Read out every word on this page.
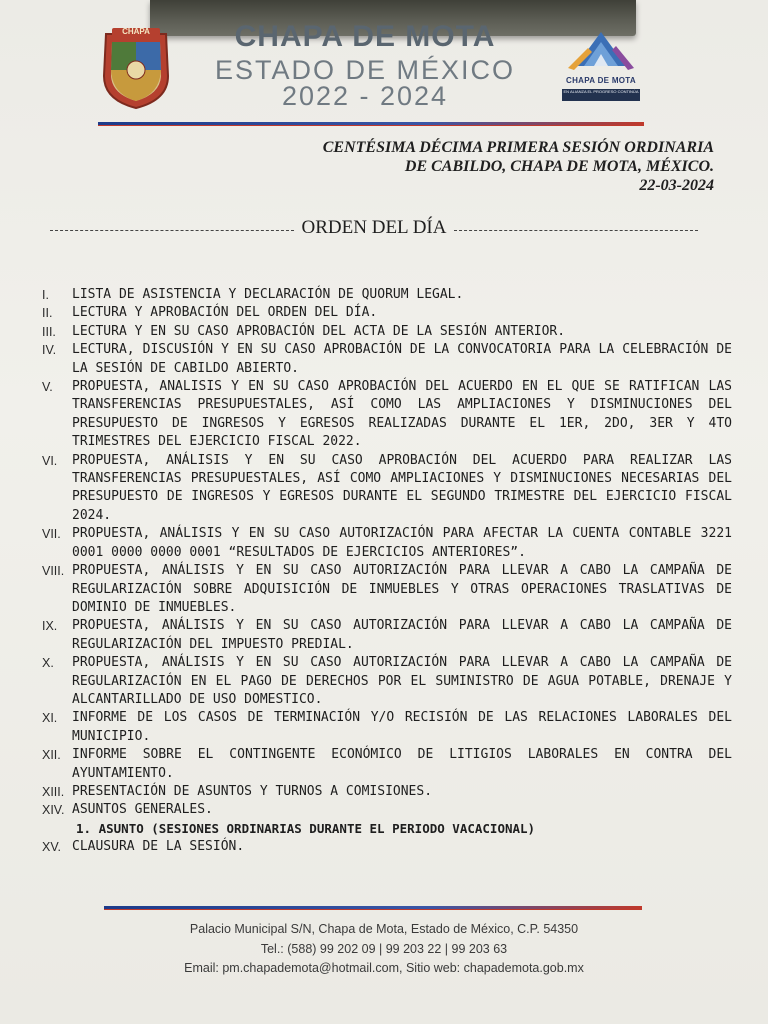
CHAPA	CHAPA DE MOTA
ESTADO DE MÉXICO
2022 - 2024
CHAPA DE MOTA
EN ALIANZA EL PROGRESO CONTINÚA
CENTÉSIMA DÉCIMA PRIMERA SESIÓN ORDINARIA
DE CABILDO, CHAPA DE MOTA, MÉXICO.
22-03-2024
ORDEN DEL DÍA
I.	LISTA DE ASISTENCIA Y DECLARACIÓN DE QUORUM LEGAL.
II.	LECTURA Y APROBACIÓN DEL ORDEN DEL DÍA.
III.	LECTURA Y EN SU CASO APROBACIÓN DEL ACTA DE LA SESIÓN ANTERIOR.
IV.	LECTURA, DISCUSIÓN Y EN SU CASO APROBACIÓN DE LA CONVOCATORIA PARA LA CELEBRACIÓN DE LA SESIÓN DE CABILDO ABIERTO.
V.	PROPUESTA, ANALISIS Y EN SU CASO APROBACIÓN DEL ACUERDO EN EL QUE SE RATIFICAN LAS TRANSFERENCIAS PRESUPUESTALES, ASÍ COMO LAS AMPLIACIONES Y DISMINUCIONES DEL PRESUPUESTO DE INGRESOS Y EGRESOS REALIZADAS DURANTE EL 1ER, 2DO, 3ER Y 4TO TRIMESTRES DEL EJERCICIO FISCAL 2022.
VI.	PROPUESTA, ANÁLISIS Y EN SU CASO APROBACIÓN DEL ACUERDO PARA REALIZAR LAS TRANSFERENCIAS PRESUPUESTALES, ASÍ COMO AMPLIACIONES Y DISMINUCIONES NECESARIAS DEL PRESUPUESTO DE INGRESOS Y EGRESOS DURANTE EL SEGUNDO TRIMESTRE DEL EJERCICIO FISCAL 2024.
VII. PROPUESTA, ANÁLISIS Y EN SU CASO AUTORIZACIÓN PARA AFECTAR LA CUENTA CONTABLE 3221 0001 0000 0000 0001 “RESULTADOS DE EJERCICIOS ANTERIORES”.
VIII. PROPUESTA, ANÁLISIS Y EN SU CASO AUTORIZACIÓN PARA LLEVAR A CABO LA CAMPAÑA DE REGULARIZACIÓN SOBRE ADQUISICIÓN DE INMUEBLES Y OTRAS OPERACIONES TRASLATIVAS DE DOMINIO DE INMUEBLES.
IX.	PROPUESTA, ANÁLISIS Y EN SU CASO AUTORIZACIÓN PARA LLEVAR A CABO LA CAMPAÑA DE REGULARIZACIÓN DEL IMPUESTO PREDIAL.
X.	PROPUESTA, ANÁLISIS Y EN SU CASO AUTORIZACIÓN PARA LLEVAR A CABO LA CAMPAÑA DE REGULARIZACIÓN EN EL PAGO DE DERECHOS POR EL SUMINISTRO DE AGUA POTABLE, DRENAJE Y ALCANTARILLADO DE USO DOMESTICO.
XI.	INFORME DE LOS CASOS DE TERMINACIÓN Y/O RECISIÓN DE LAS RELACIONES LABORALES DEL MUNICIPIO.
XII. INFORME SOBRE EL CONTINGENTE ECONÓMICO DE LITIGIOS LABORALES EN CONTRA DEL AYUNTAMIENTO.
XIII. PRESENTACIÓN DE ASUNTOS Y TURNOS A COMISIONES.
XIV. ASUNTOS GENERALES.
1. ASUNTO (SESIONES ORDINARIAS DURANTE EL PERIODO VACACIONAL)
XV. CLAUSURA DE LA SESIÓN.
Palacio Municipal S/N, Chapa de Mota, Estado de México, C.P. 54350
Tel.: (588) 99 202 09 | 99 203 22 | 99 203 63
Email: pm.chapademota@hotmail.com, Sitio web: chapademota.gob.mx
